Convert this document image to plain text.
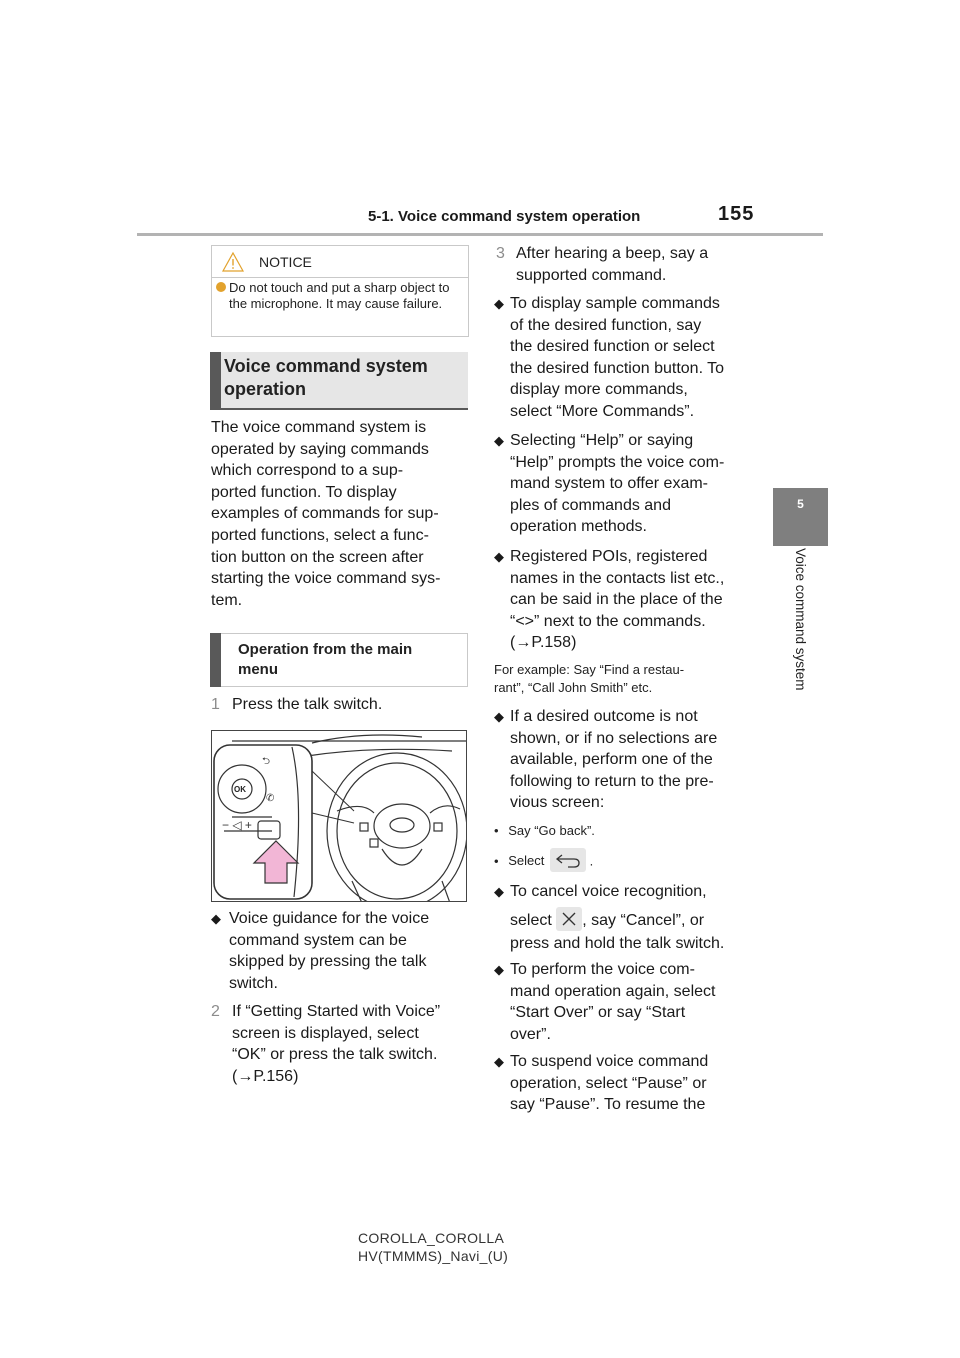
5-1. Voice command system operation	155
5
Voice command system
NOTICE
Do not touch and put a sharp object to the microphone. It may cause failure.
Voice command system operation
The voice command system is
operated by saying commands
which correspond to a sup-
ported function. To display
examples of commands for sup-
ported functions, select a func-
tion button on the screen after
starting the voice command sys-
tem.
Operation from the main
menu
1 Press the talk switch.
OK
⮌
✆
− ◁ +
◆ Voice guidance for the voice
command system can be
skipped by pressing the talk
switch.
2 If “Getting Started with Voice”
screen is displayed, select
“OK” or press the talk switch.
(→P.156)
3 After hearing a beep, say a
supported command.
◆ To display sample commands
of the desired function, say
the desired function or select
the desired function button. To
display more commands,
select “More Commands”.
◆ Selecting “Help” or saying
“Help” prompts the voice com-
mand system to offer exam-
ples of commands and
operation methods.
◆ Registered POIs, registered
names in the contacts list etc.,
can be said in the place of the
“<>” next to the commands.
(→P.158)
For example: Say “Find a restau-
rant”, “Call John Smith” etc.
◆ If a desired outcome is not
shown, or if no selections are
available, perform one of the
following to return to the pre-
vious screen:
• Say “Go back”.
• Select	.
◆ To cancel voice recognition,
select , say “Cancel”, or
press and hold the talk switch.
◆ To perform the voice com-
mand operation again, select
“Start Over” or say “Start
over”.
◆ To suspend voice command
operation, select “Pause” or
say “Pause”. To resume the
COROLLA_COROLLA
HV(TMMMS)_Navi_(U)
